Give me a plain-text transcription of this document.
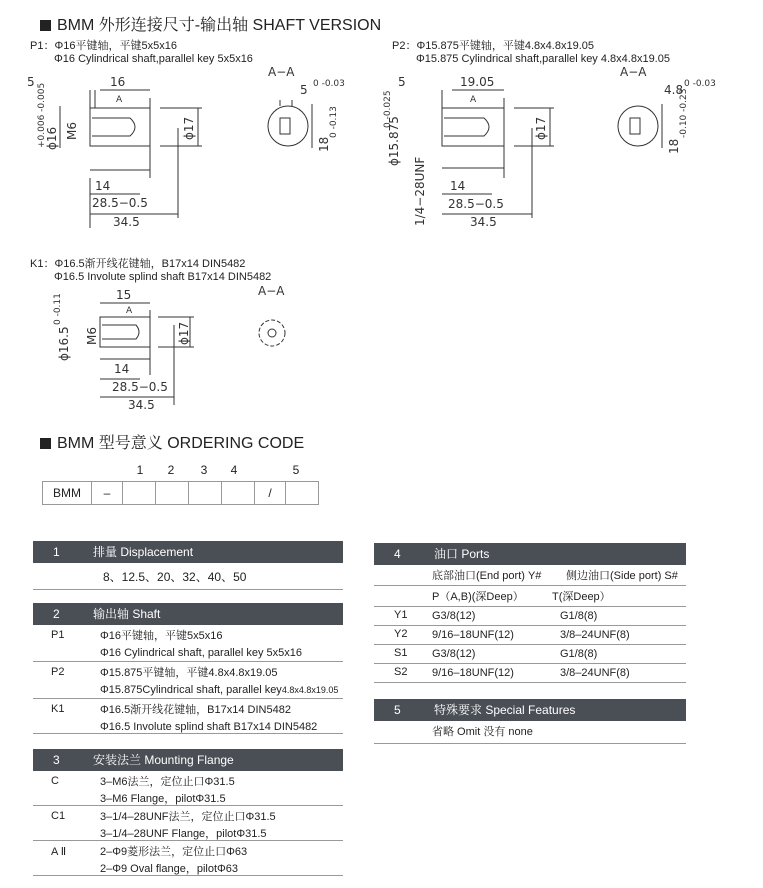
BMM 外形连接尺寸-输出轴 SHAFT VERSION
P1：Φ16平键轴，平键5x5x16
Φ16 Cylindrical shaft,parallel key 5x5x16
P2：Φ15.875平键轴，平键4.8x4.8x19.05
Φ15.875 Cylindrical shaft,parallel key 4.8x4.8x19.05
5	16
A
14
28.5−0.5
34.5
ϕ16
+0.006 -0.005 M6	ϕ17
A−A
5 0 -0.03
18
0 -0.13
5	19.05
A
14
28.5−0.5
34.5
ϕ15.875
0 -0.025
1/4−28UNF
ϕ17
A−A
4.8 0 -0.03
18
-0.10 -0.23
K1：Φ16.5渐开线花键轴，B17x14 DIN5482
Φ16.5 Involute splind shaft B17x14 DIN5482
15
A
14
28.5−0.5
34.5
ϕ16.5
0 -0.11
M6	ϕ17
A−A
BMM 型号意义 ORDERING CODE
1	2	3	4	5
BMM	–					/	
1	排量 Displacement
8、12.5、20、32、40、50
2	输出轴 Shaft
P1	Φ16平键轴，平键5x5x16
Φ16 Cylindrical shaft, parallel key 5x5x16
P2	Φ15.875平键轴，平键4.8x4.8x19.05
Φ15.875Cylindrical shaft, parallel key4.8x4.8x19.05
K1	Φ16.5渐开线花键轴，B17x14 DIN5482
Φ16.5 Involute splind shaft B17x14 DIN5482
3	安装法兰 Mounting Flange
C	3–M6法兰，定位止口Φ31.5
3–M6 Flange，pilotΦ31.5
C1	3–1/4–28UNF法兰，定位止口Φ31.5
3–1/4–28UNF Flange，pilotΦ31.5
A Ⅱ	2–Φ9菱形法兰，定位止口Φ63
2–Φ9 Oval flange，pilotΦ63
4	油口 Ports
底部油口(End port) Y# 侧边油口(Side port) S#
P（A,B)(深Deep）	T(深Deep）
Y1 G3/8(12)	G1/8(8)
Y2 9/16–18UNF(12)	3/8–24UNF(8)
S1 G3/8(12)	G1/8(8)
S2 9/16–18UNF(12)	3/8–24UNF(8)
5	特殊要求 Special Features
省略 Omit 没有 none
